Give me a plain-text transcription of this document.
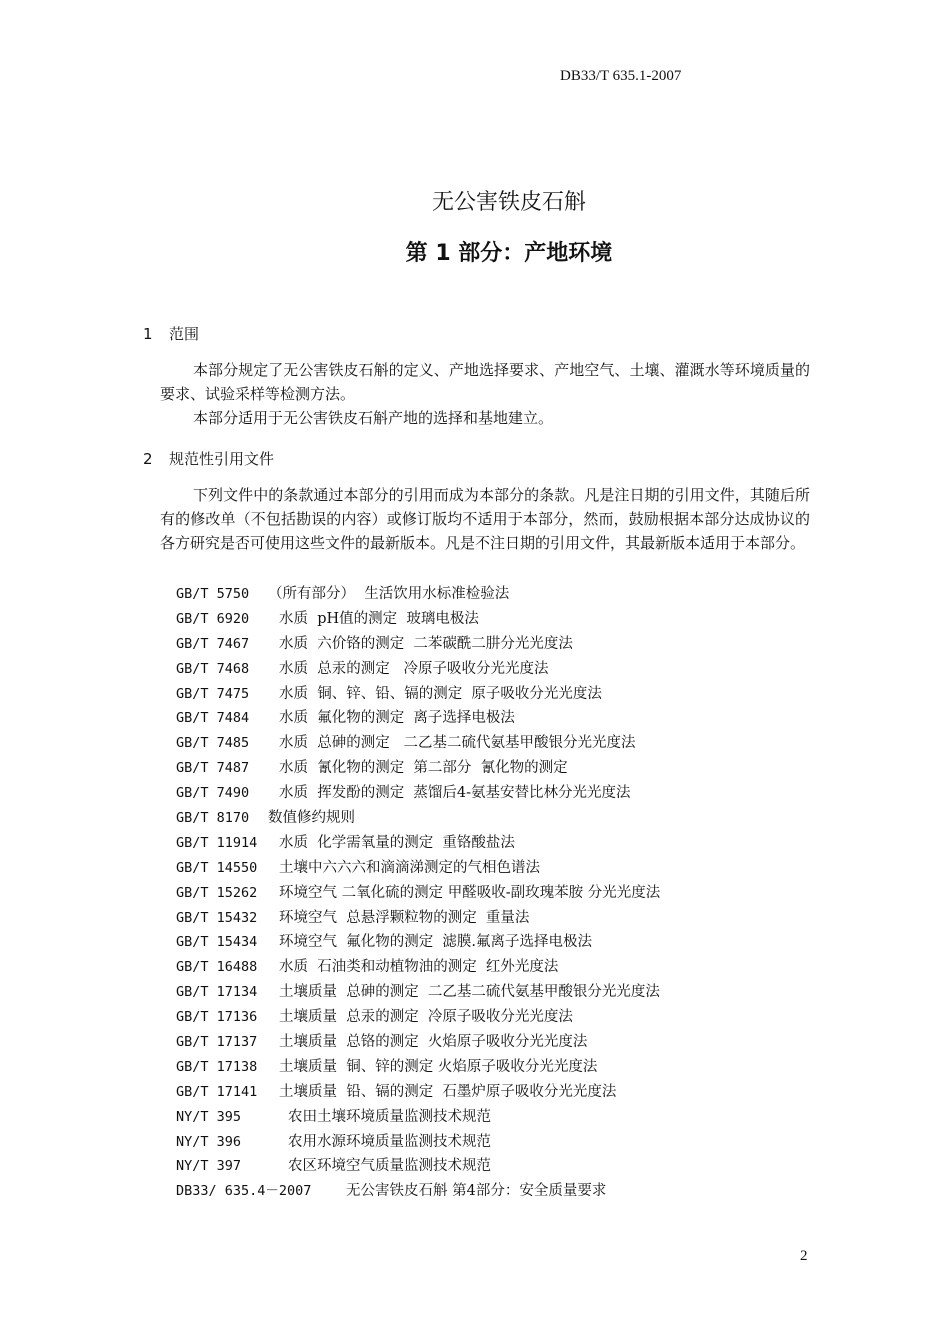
DB33/T 635.1-2007
无公害铁皮石斛
第 1 部分：产地环境
1 范围
本部分规定了无公害铁皮石斛的定义、产地选择要求、产地空气、土壤、灌溉水等环境质量的要求、试验采样等检测方法。
本部分适用于无公害铁皮石斛产地的选择和基地建立。
2 规范性引用文件
下列文件中的条款通过本部分的引用而成为本部分的条款。凡是注日期的引用文件，其随后所有的修改单（不包括勘误的内容）或修订版均不适用于本部分，然而，鼓励根据本部分达成协议的各方研究是否可使用这些文件的最新版本。凡是不注日期的引用文件，其最新版本适用于本部分。
GB/T 5750 （所有部分）  生活饮用水标准检验法
GB/T 6920 水质  pH值的测定  玻璃电极法
GB/T 7467 水质  六价铬的测定  二苯碳酰二肼分光光度法
GB/T 7468 水质  总汞的测定   冷原子吸收分光光度法
GB/T 7475 水质  铜、锌、铅、镉的测定  原子吸收分光光度法
GB/T 7484 水质  氟化物的测定  离子选择电极法
GB/T 7485 水质  总砷的测定   二乙基二硫代氨基甲酸银分光光度法
GB/T 7487 水质  氰化物的测定  第二部分  氰化物的测定
GB/T 7490 水质  挥发酚的测定  蒸馏后4-氨基安替比林分光光度法
GB/T 8170 数值修约规则
GB/T 11914 水质  化学需氧量的测定  重铬酸盐法
GB/T 14550 土壤中六六六和滴滴涕测定的气相色谱法
GB/T 15262 环境空气 二氧化硫的测定 甲醛吸收-副玫瑰苯胺 分光光度法
GB/T 15432 环境空气  总悬浮颗粒物的测定  重量法
GB/T 15434 环境空气  氟化物的测定  滤膜.氟离子选择电极法
GB/T 16488 水质  石油类和动植物油的测定  红外光度法
GB/T 17134 土壤质量  总砷的测定  二乙基二硫代氨基甲酸银分光光度法
GB/T 17136 土壤质量  总汞的测定  冷原子吸收分光光度法
GB/T 17137 土壤质量  总铬的测定  火焰原子吸收分光光度法
GB/T 17138 土壤质量  铜、锌的测定 火焰原子吸收分光光度法
GB/T 17141 土壤质量  铅、镉的测定  石墨炉原子吸收分光光度法
NY/T 395	农田土壤环境质量监测技术规范
NY/T 396	农用水源环境质量监测技术规范
NY/T 397	农区环境空气质量监测技术规范
DB33/ 635.4－2007 无公害铁皮石斛 第4部分：安全质量要求
2
